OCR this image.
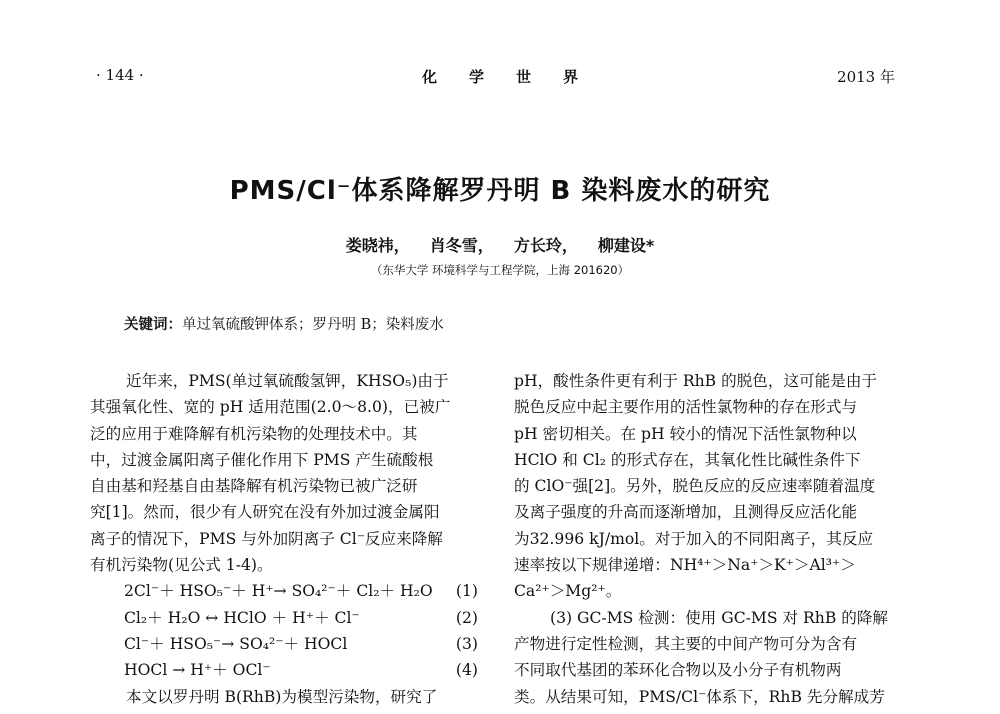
· 144 ·	化 学 世 界	2013 年
PMS/Cl⁻体系降解罗丹明 B 染料废水的研究
娄晓祎， 肖冬雪， 方长玲， 柳建设*
（东华大学 环境科学与工程学院，上海 201620）
关键词：单过氧硫酸钾体系；罗丹明 B；染料废水
近年来，PMS(单过氧硫酸氢钾，KHSO₅)由于
其强氧化性、宽的 pH 适用范围(2.0～8.0)，已被广
泛的应用于难降解有机污染物的处理技术中。其
中，过渡金属阳离子催化作用下 PMS 产生硫酸根
自由基和羟基自由基降解有机污染物已被广泛研
究[1]。然而，很少有人研究在没有外加过渡金属阳
离子的情况下，PMS 与外加阴离子 Cl⁻反应来降解
有机污染物(见公式 1-4)。
2Cl⁻＋ HSO₅⁻＋ H⁺→ SO₄²⁻＋ Cl₂＋ H₂O (1)
Cl₂＋ H₂O ↔ HClO ＋ H⁺＋ Cl⁻	(2)
Cl⁻＋ HSO₅⁻→ SO₄²⁻＋ HOCl	(3)
HOCl → H⁺＋ OCl⁻	(4)
本文以罗丹明 B(RhB)为模型污染物，研究了
pH，酸性条件更有利于 RhB 的脱色，这可能是由于
脱色反应中起主要作用的活性氯物种的存在形式与
pH 密切相关。在 pH 较小的情况下活性氯物种以
HClO 和 Cl₂ 的形式存在，其氧化性比碱性条件下
的 ClO⁻强[2]。另外，脱色反应的反应速率随着温度
及离子强度的升高而逐渐增加，且测得反应活化能
为32.996 kJ/mol。对于加入的不同阳离子，其反应
速率按以下规律递增：NH⁴⁺＞Na⁺＞K⁺＞Al³⁺＞
Ca²⁺＞Mg²⁺。
(3) GC-MS 检测：使用 GC-MS 对 RhB 的降解
产物进行定性检测，其主要的中间产物可分为含有
不同取代基团的苯环化合物以及小分子有机物两
类。从结果可知，PMS/Cl⁻体系下，RhB 先分解成芳
